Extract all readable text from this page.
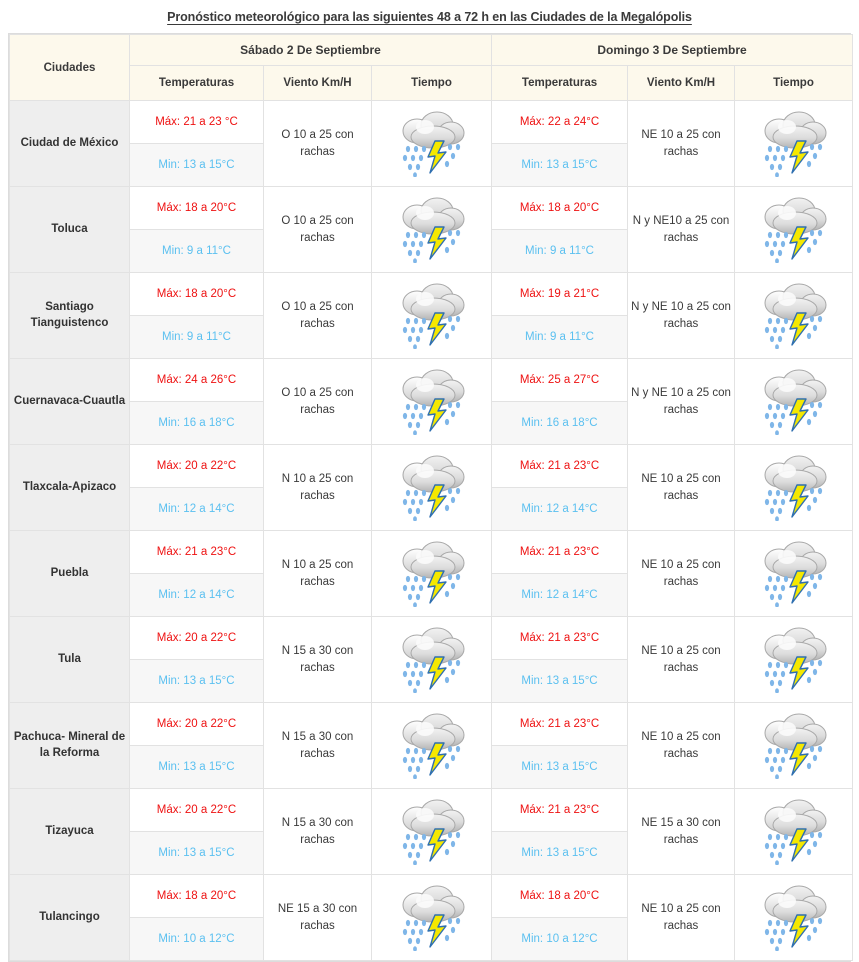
Pronóstico meteorológico para las siguientes 48 a 72 h en las Ciudades de la Megalópolis
Ciudades	Sábado 2 De Septiembre			Domingo 3 De Septiembre		
	Temperaturas	Viento Km/H	Tiempo	Temperaturas	Viento Km/H	Tiempo
Ciudad de México	Máx: 21 a 23 °C	O 10 a 25 con rachas		Máx: 22 a 24°C	NE 10 a 25 con rachas	

	Min: 13 a 15°C			Min: 13 a 15°C		
Toluca	Máx: 18 a 20°C	O 10 a 25 con rachas		Máx: 18 a 20°C	N y NE10 a 25 con rachas	

	Min: 9 a 11°C			Min: 9 a 11°C		
Santiago Tianguistenco	Máx: 18 a 20°C	O 10 a 25 con rachas		Máx: 19 a 21°C	N y NE 10 a 25 con rachas	

	Min: 9 a 11°C			Min: 9 a 11°C		
Cuernavaca-Cuautla	Máx: 24 a 26°C	O 10 a 25 con rachas		Máx: 25 a 27°C	N y NE 10 a 25 con rachas	

	Min: 16 a 18°C			Min: 16 a 18°C		
Tlaxcala-Apizaco	Máx: 20 a 22°C	N 10 a 25 con rachas		Máx: 21 a 23°C	NE 10 a 25 con rachas	

	Min: 12 a 14°C			Min: 12 a 14°C		
Puebla	Máx: 21 a 23°C	N 10 a 25 con rachas		Máx: 21 a 23°C	NE 10 a 25 con rachas	

	Min: 12 a 14°C			Min: 12 a 14°C		
Tula	Máx: 20 a 22°C	N 15 a 30 con rachas		Máx: 21 a 23°C	NE 10 a 25 con rachas	

	Min: 13 a 15°C			Min: 13 a 15°C		
Pachuca- Mineral de la Reforma	Máx: 20 a 22°C	N 15 a 30 con rachas		Máx: 21 a 23°C	NE 10 a 25 con rachas	

	Min: 13 a 15°C			Min: 13 a 15°C		
Tizayuca	Máx: 20 a 22°C	N 15 a 30 con rachas		Máx: 21 a 23°C	NE 15 a 30 con rachas	

	Min: 13 a 15°C			Min: 13 a 15°C		
Tulancingo	Máx: 18 a 20°C	NE 15 a 30 con rachas		Máx: 18 a 20°C	NE 10 a 25 con rachas	

	Min: 10 a 12°C			Min: 10 a 12°C		
